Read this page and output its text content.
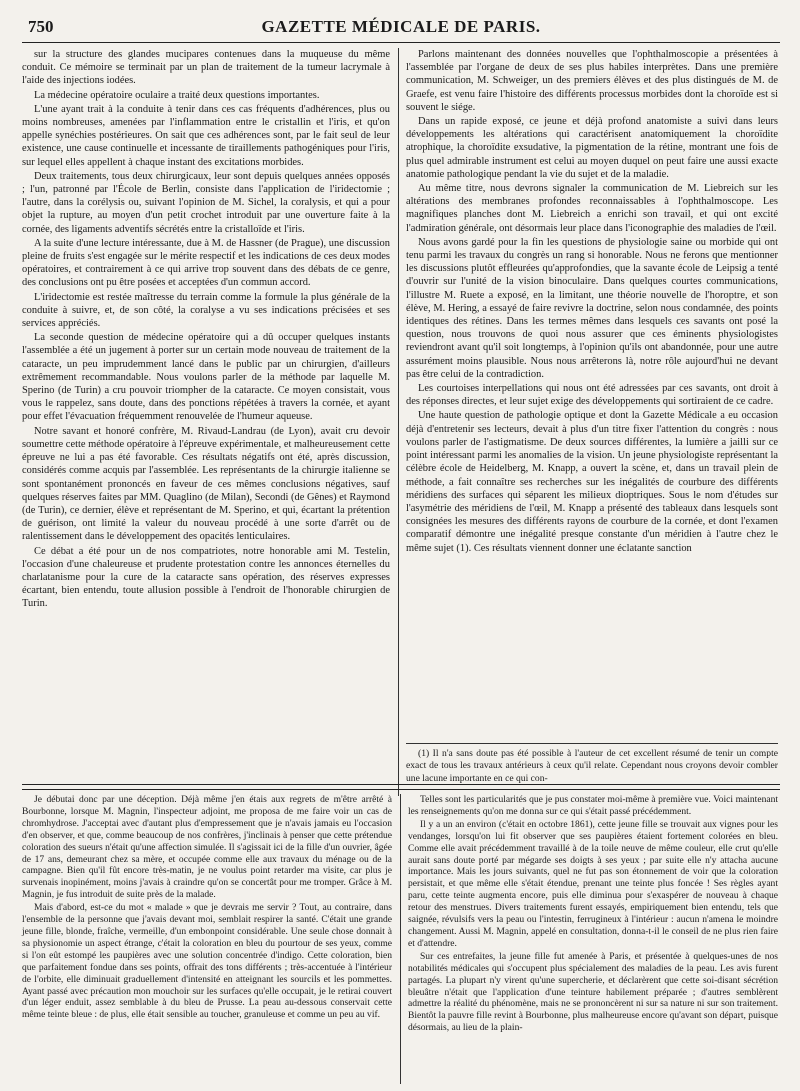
750	GAZETTE MÉDICALE DE PARIS.

sur la structure des glandes mucipares contenues dans la muqueuse du même conduit. Ce mémoire se terminait par un plan de traitement de la tumeur lacrymale à l'aide des injections iodées.

La médecine opératoire oculaire a traité deux questions importantes.

L'une ayant trait à la conduite à tenir dans ces cas fréquents d'adhérences, plus ou moins nombreuses, amenées par l'inflammation entre le cristallin et l'iris, et qu'on appelle synéchies postérieures. On sait que ces adhérences sont, par le fait seul de leur existence, une cause continuelle et incessante de tiraillements pathogéniques pour l'iris, sur lequel elles appellent à chaque instant des excitations morbides.

Deux traitements, tous deux chirurgicaux, leur sont depuis quelques années opposés ; l'un, patronné par l'École de Berlin, consiste dans l'application de l'iridectomie ; l'autre, dans la corélysis ou, suivant l'opinion de M. Sichel, la coralysis, et qui a pour objet la rupture, au moyen d'un petit crochet introduit par une ouverture faite à la cornée, des ligaments adventifs sécrétés entre la cristalloïde et l'iris.

A la suite d'une lecture intéressante, due à M. de Hassner (de Prague), une discussion pleine de fruits s'est engagée sur le mérite respectif et les indications de ces deux modes opératoires, et contrairement à ce qui arrive trop souvent dans des débats de ce genre, des conclusions ont pu être posées et acceptées d'un commun accord.

L'iridectomie est restée maîtresse du terrain comme la formule la plus générale de la conduite à suivre, et, de son côté, la coralyse a vu ses indications précisées et ses services appréciés.

La seconde question de médecine opératoire qui a dû occuper quelques instants l'assemblée a été un jugement à porter sur un certain mode nouveau de traitement de la cataracte, un peu imprudemment lancé dans le public par un chirurgien, d'ailleurs extrêmement recommandable. Nous voulons parler de la méthode par laquelle M. Sperino (de Turin) a cru pouvoir triompher de la cataracte. Ce moyen consistait, vous vous le rappelez, sans doute, dans des ponctions répétées à travers la cornée, et ayant pour effet l'évacuation fréquemment renouvelée de l'humeur aqueuse.

Notre savant et honoré confrère, M. Rivaud-Landrau (de Lyon), avait cru devoir soumettre cette méthode opératoire à l'épreuve expérimentale, et malheureusement cette épreuve ne lui a pas été favorable. Ces résultats négatifs ont été, après discussion, considérés comme acquis par l'assemblée. Les représentants de la chirurgie italienne se sont spontanément prononcés en faveur de ces mêmes conclusions négatives, sauf quelques réserves faites par MM. Quaglino (de Milan), Secondi (de Gênes) et Raymond (de Turin), ce dernier, élève et représentant de M. Sperino, et qui, écartant la prétention de guérison, ont limité la valeur du nouveau procédé à une sorte d'arrêt ou de ralentissement dans le développement des opacités lenticulaires.

Ce débat a été pour un de nos compatriotes, notre honorable ami M. Testelin, l'occasion d'une chaleureuse et prudente protestation contre les annonces éternelles du charlatanisme pour la cure de la cataracte sans opération, des réserves expresses écartant, bien entendu, toute allusion possible à l'endroit de l'honorable chirurgien de Turin.

Parlons maintenant des données nouvelles que l'ophthalmoscopie a présentées à l'assemblée par l'organe de deux de ses plus habiles interprètes. Dans une première communication, M. Schweiger, un des premiers élèves et des plus distingués de M. de Graefe, est venu faire l'histoire des différents processus morbides dont la choroïde est si souvent le siége.

Dans un rapide exposé, ce jeune et déjà profond anatomiste a suivi dans leurs développements les altérations qui caractérisent anatomiquement la choroïdite atrophique, la choroïdite exsudative, la pigmentation de la rétine, montrant une fois de plus quel admirable instrument est celui au moyen duquel on peut faire une aussi exacte anatomie pathologique pendant la vie du sujet et de la maladie.

Au même titre, nous devrons signaler la communication de M. Liebreich sur les altérations des membranes profondes reconnaissables à l'ophthalmoscope. Les magnifiques planches dont M. Liebreich a enrichi son travail, et qui ont excité l'admiration générale, ont désormais leur place dans l'iconographie des maladies de l'œil.

Nous avons gardé pour la fin les questions de physiologie saine ou morbide qui ont tenu parmi les travaux du congrès un rang si honorable. Nous ne ferons que mentionner les discussions plutôt effleurées qu'approfondies, que la savante école de Leipsig a tenté d'ouvrir sur l'unité de la vision binoculaire. Dans quelques courtes communications, l'illustre M. Ruete a exposé, en la limitant, une théorie nouvelle de l'horoptre, et son élève, M. Hering, a essayé de faire revivre la doctrine, selon nous condamnée, des points identiques des rétines. Dans les termes mêmes dans lesquels ces savants ont posé la question, nous trouvons de quoi nous assurer que ces éminents physiologistes reviendront avant qu'il soit longtemps, à l'opinion qu'ils ont abandonnée, pour une autre assurément moins plausible. Nous nous arrêterons là, notre rôle aujourd'hui ne devant pas être celui de la contradiction.

Les courtoises interpellations qui nous ont été adressées par ces savants, ont droit à des réponses directes, et leur sujet exige des développements qui sortiraient de ce cadre.

Une haute question de pathologie optique et dont la Gazette Médicale a eu occasion déjà d'entretenir ses lecteurs, devait à plus d'un titre fixer l'attention du congrès : nous voulons parler de l'astigmatisme. De deux sources différentes, la lumière a jailli sur ce point intéressant parmi les anomalies de la vision. Un jeune physiologiste représentant la célèbre école de Heidelberg, M. Knapp, a ouvert la scène, et, dans un travail plein de méthode, a fait connaître ses recherches sur les inégalités de courbure des différents méridiens des surfaces qui séparent les milieux dioptriques. Sous le nom d'études sur l'asymétrie des méridiens de l'œil, M. Knapp a présenté des tableaux dans lesquels sont consignées les mesures des différents rayons de courbure de la cornée, et dont l'examen comparatif démontre une inégalité presque constante d'un méridien à l'autre chez le même sujet (1). Ces résultats viennent donner une éclatante sanction

(1) Il n'a sans doute pas été possible à l'auteur de cet excellent résumé de tenir un compte exact de tous les travaux antérieurs à ceux qu'il relate. Cependant nous croyons devoir combler une lacune importante en ce qui con-

Je débutai donc par une déception. Déjà même j'en étais aux regrets de m'être arrêté à Bourbonne, lorsque M. Magnin, l'inspecteur adjoint, me proposa de me faire voir un cas de chromhydrose. J'acceptai avec d'autant plus d'empressement que je n'avais jamais eu l'occasion d'en observer, et que, comme beaucoup de nos confrères, j'inclinais à penser que cette prétendue coloration des sueurs n'était qu'une affection simulée. Il s'agissait ici de la fille d'un ouvrier, âgée de 17 ans, demeurant chez sa mère, et occupée comme elle aux travaux du ménage ou de la campagne. Bien qu'il fût encore très-matin, je ne voulus point retarder ma visite, car plus je survenais inopinément, moins j'avais à craindre qu'on se concertât pour me tromper. Grâce à M. Magnin, je fus introduit de suite près de la malade.

Mais d'abord, est-ce du mot « malade » que je devrais me servir ? Tout, au contraire, dans l'ensemble de la personne que j'avais devant moi, semblait respirer la santé. C'était une grande jeune fille, blonde, fraîche, vermeille, d'un embonpoint considérable. Une seule chose donnait à sa physionomie un aspect étrange, c'était la coloration en bleu du pourtour de ses yeux, comme si l'on eût estompé les paupières avec une solution concentrée d'indigo. Cette coloration, bien que parfaitement fondue dans ses points, offrait des tons différents ; très-accentuée à l'intérieur de l'orbite, elle diminuait graduellement d'intensité en atteignant les sourcils et les pommettes. Ayant passé avec précaution mon mouchoir sur les surfaces qu'elle occupait, je le retirai couvert d'un léger enduit, assez semblable à du bleu de Prusse. La peau au-dessous conservait cette même teinte bleue : de plus, elle était sensible au toucher, granuleuse et comme un peu au vif.

Telles sont les particularités que je pus constater moi-même à première vue. Voici maintenant les renseignements qu'on me donna sur ce qui s'était passé précédemment.

Il y a un an environ (c'était en octobre 1861), cette jeune fille se trouvait aux vignes pour les vendanges, lorsqu'on lui fit observer que ses paupières étaient fortement colorées en bleu. Comme elle avait précédemment travaillé à de la toile neuve de même couleur, elle crut qu'elle aurait sans doute porté par mégarde ses doigts à ses yeux ; par suite elle n'y attacha aucune importance. Mais les jours suivants, quel ne fut pas son étonnement de voir que la coloration persistait, et que même elle s'était étendue, prenant une teinte plus foncée ! Ses règles ayant paru, cette teinte augmenta encore, puis elle diminua pour s'exaspérer de nouveau à chaque retour des menstrues. Divers traitements furent essayés, empiriquement bien entendu, tels que saignée, révulsifs vers la peau ou l'intestin, ferrugineux à l'intérieur : aucun n'amena le moindre changement. Aussi M. Magnin, appelé en consultation, donna-t-il le conseil de ne plus rien faire et d'attendre.

Sur ces entrefaites, la jeune fille fut amenée à Paris, et présentée à quelques-unes de nos notabilités médicales qui s'occupent plus spécialement des maladies de la peau. Les avis furent partagés. La plupart n'y virent qu'une supercherie, et déclarèrent que cette soi-disant sécrétion bleuâtre n'était que l'application d'une teinture habilement préparée ; d'autres semblèrent admettre la réalité du phénomène, mais ne se prononcèrent ni sur sa nature ni sur son traitement. Bientôt la pauvre fille revint à Bourbonne, plus malheureuse encore qu'avant son départ, puisque désormais, au lieu de la plain-
